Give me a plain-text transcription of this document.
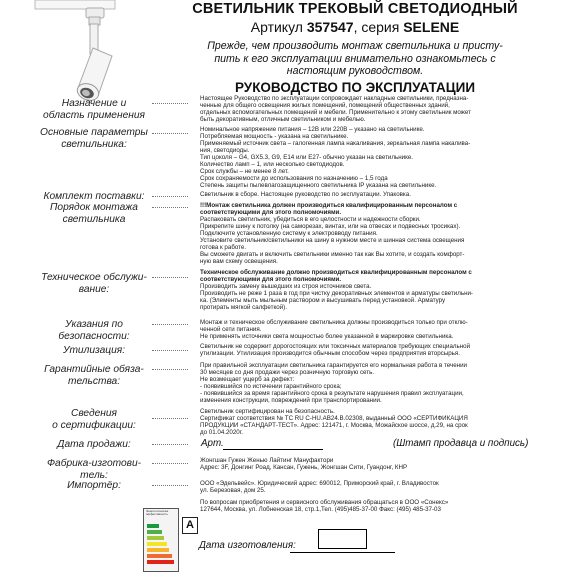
СВЕТИЛЬНИК ТРЕКОВЫЙ СВЕТОДИОДНЫЙ
Артикул 357547, серия SELENE
Прежде, чем производить монтаж светильника и присту-
пить к его эксплуатации внимательно ознакомьтесь с
настоящим руководством.
РУКОВОДСТВО ПО ЭКСПЛУАТАЦИИ
Назначение и
область применения

Настоящее Руководство по эксплуатации сопровождает накладные светильники, предназна-

ченные для общего освещения жилых помещений, помещений общественных зданий,

отдельных вспомогательных помещений и мебели. Применительно к этому светильник может

быть декоративным, отличным светильником и мебелью.

Основные параметры
светильника:

Номинальное напряжение питания – 12В или 220В – указано на светильнике.

Потребляемая мощность - указана на светильнике.

Применяемый источник света – галогенная лампа накаливания, зеркальная лампа накалива-

ния, светодиоды.

Тип цоколя – G4, GX5.3, G9, E14 или E27- обычно указан на светильнике.

Количество ламп – 1, или несколько светодиодов.

Срок службы – не менее 8 лет.

Срок сохраняемости до использования по назначению – 1,5 года

Степень защиты пылевлагозащищенного светильника IP указана на светильнике.

Комплект поставки:	Светильник в сборе. Настоящее руководство по эксплуатации. Упаковка.

Порядок монтажа
светильника

!!!Монтаж светильника должен производиться квалифицированным персоналом с

соответствующими для этого полномочиями.

Распаковать светильник, убедиться в его целостности и надежности сборки.

Прикрепите шину к потолку (на саморезах, винтах, или на отвесах и подвесных тросиках).

Подключите установленную систему к электровводу питания.

Установите светильник/светильники на шину в нужном месте и шинная система освещения

готова к работе.

Вы сможете двигать и включить светильники именно так как Вы хотите, и создать комфорт-

ную вам схему освещения.

Техническое обслужи-
вание:

Техническое обслуживание должно производиться квалифицированным персоналом с

соответствующими для этого полномочиями.

Производить замену вышедших из строя источников света.

Производить не реже 1 раза в год при чистку декоративных элементов и арматуры светильни-

ка. (Элементы мыть мыльным раствором и высушивать перед установкой. Арматуру

протирать мягкой салфеткой).

Указания по
безопасности:

Монтаж и техническое обслуживание светильника должны производиться только при отклю-

ченной сети питания.

Не применять источники света мощностью более указанной в маркировке светильника.

Утилизация:	Светильник не содержит дорогостоящих или токсичных материалов требующих специальной

утилизации. Утилизация производится обычным способом через предприятия вторсырья.

Гарантийные обяза-
тельства:

При правильной эксплуатации светильника гарантируется его нормальная работа в течении

30 месяцев со дня продажи через розничную торговую сеть.

Не возмещает ущерб за дефект:

- появившийся по истечении гарантийного срока;

- появившийся за время гарантийного срока в результате нарушения правил эксплуатации,

изменения конструкции, повреждений при транспортировании.

Сведения
о сертификации:

Светильник сертифицирован на безопасность.

Сертификат соответствия № ТС RU C-HU.АВ24.В.02308, выданный ООО «СЕРТИФИКАЦИЯ

ПРОДУКЦИИ «СТАНДАРТ-ТЕСТ». Адрес: 121471, г. Москва, Можайское шоссе, д.29, на срок

до 01.04.2020г.

Дата продажи:	Арт.	(Штамп продавца и подпись)
Фабрика-изготови-
тель:

Жонгшан Гужен Женью Лайтинг Мануфактори

Адрес: 3F, Донгинг Роад, Кансан, Гужень, Жонгшан Сити, Гуандонг, КНР

Импортёр:	ООО «Эдельвейс». Юридический адрес: 690012, Приморский край, г. Владивосток

ул. Березовая, дом 25.

По вопросам приобретения и сервисного обслуживания обращаться в ООО «Сонекс»

127644, Москва, ул. Лобненская 18, стр.1,Тел. (495)485-37-00 Факс: (495) 485-37-03

Энергетическая эффективность
A
Дата изготовления:
